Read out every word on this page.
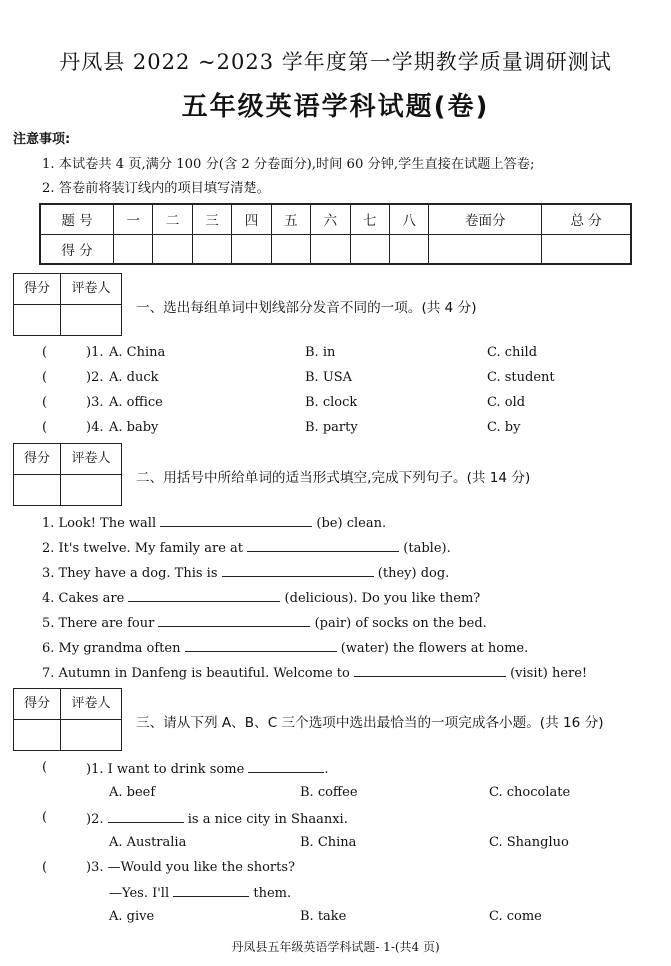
丹凤县 2022 ~2023 学年度第一学期教学质量调研测试
五年级英语学科试题(卷)
注意事项:
1. 本试卷共 4 页,满分 100 分(含 2 分卷面分),时间 60 分钟,学生直接在试题上答卷;
2. 答卷前将装订线内的项目填写清楚。
题 号	一	二	三	四	五	六	七	八	卷面分	总 分
得 分										
得分	评卷人
一、选出每组单词中划线部分发音不同的一项。(共 4 分)
(	)1. A. China	B. in	C. child
(	)2. A. duck	B. USA	C. student
(	)3. A. office	B. clock	C. old
(	)4. A. baby	B. party	C. by
得分	评卷人
二、用括号中所给单词的适当形式填空,完成下列句子。(共 14 分)
1. Look! The wall	(be) clean.
2. It's twelve. My family are at	(table).
3. They have a dog. This is	(they) dog.
4. Cakes are	(delicious). Do you like them?
5. There are four	(pair) of socks on the bed.
6. My grandma often	(water) the flowers at home.
7. Autumn in Danfeng is beautiful. Welcome to	(visit) here!
得分	评卷人
三、请从下列 A、B、C 三个选项中选出最恰当的一项完成各小题。(共 16 分)
(	)1. I want to drink some	.
A. beef	B. coffee	C. chocolate
(	)2.	is a nice city in Shaanxi.
A. Australia	B. China	C. Shangluo
(	)3. —Would you like the shorts?
—Yes. I'll	them.
A. give	B. take	C. come
丹凤县五年级英语学科试题- 1-(共4 页)
